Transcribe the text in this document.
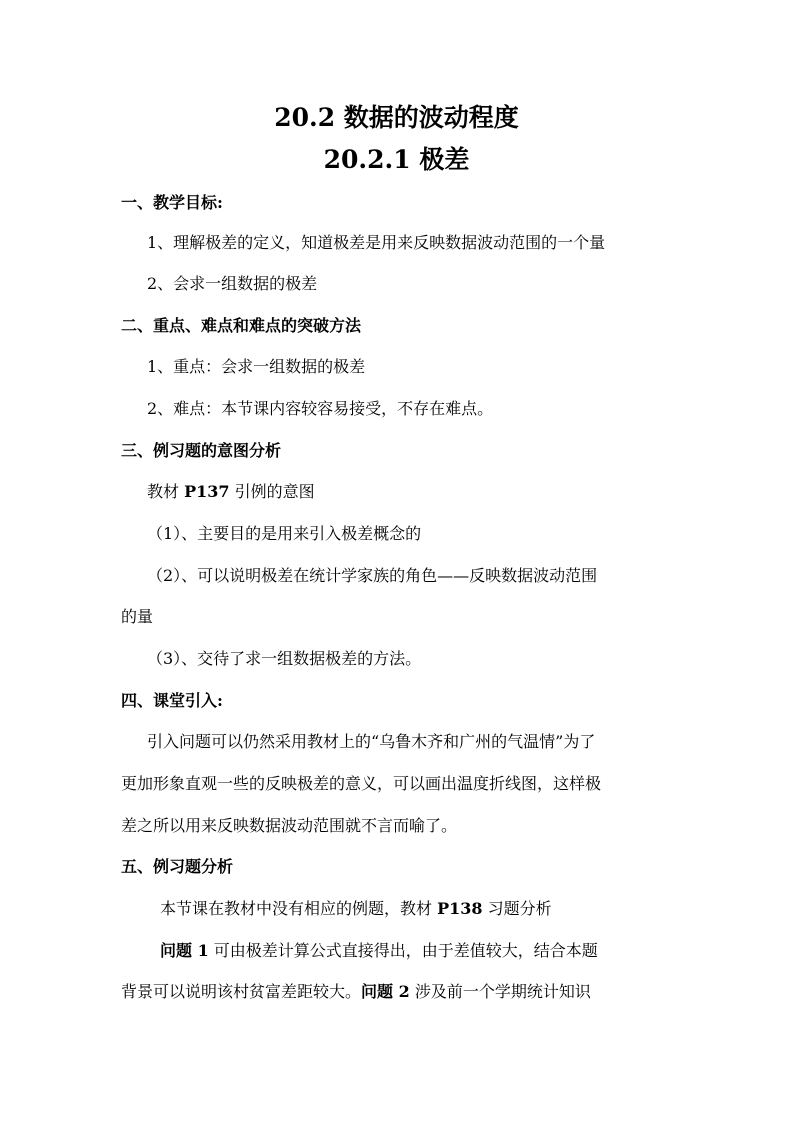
20.2 数据的波动程度
20.2.1 极差
一、教学目标:
1、理解极差的定义，知道极差是用来反映数据波动范围的一个量
2、会求一组数据的极差
二、重点、难点和难点的突破方法
1、重点：会求一组数据的极差
2、难点：本节课内容较容易接受，不存在难点。
三、例习题的意图分析
教材 P137 引例的意图
（1）、主要目的是用来引入极差概念的
（2）、可以说明极差在统计学家族的角色——反映数据波动范围
的量
（3）、交待了求一组数据极差的方法。
四、课堂引入:
引入问题可以仍然采用教材上的“乌鲁木齐和广州的气温情”为了
更加形象直观一些的反映极差的意义，可以画出温度折线图，这样极
差之所以用来反映数据波动范围就不言而喻了。
五、例习题分析
本节课在教材中没有相应的例题，教材 P138 习题分析
问题 1 可由极差计算公式直接得出，由于差值较大，结合本题
背景可以说明该村贫富差距较大。问题 2 涉及前一个学期统计知识
